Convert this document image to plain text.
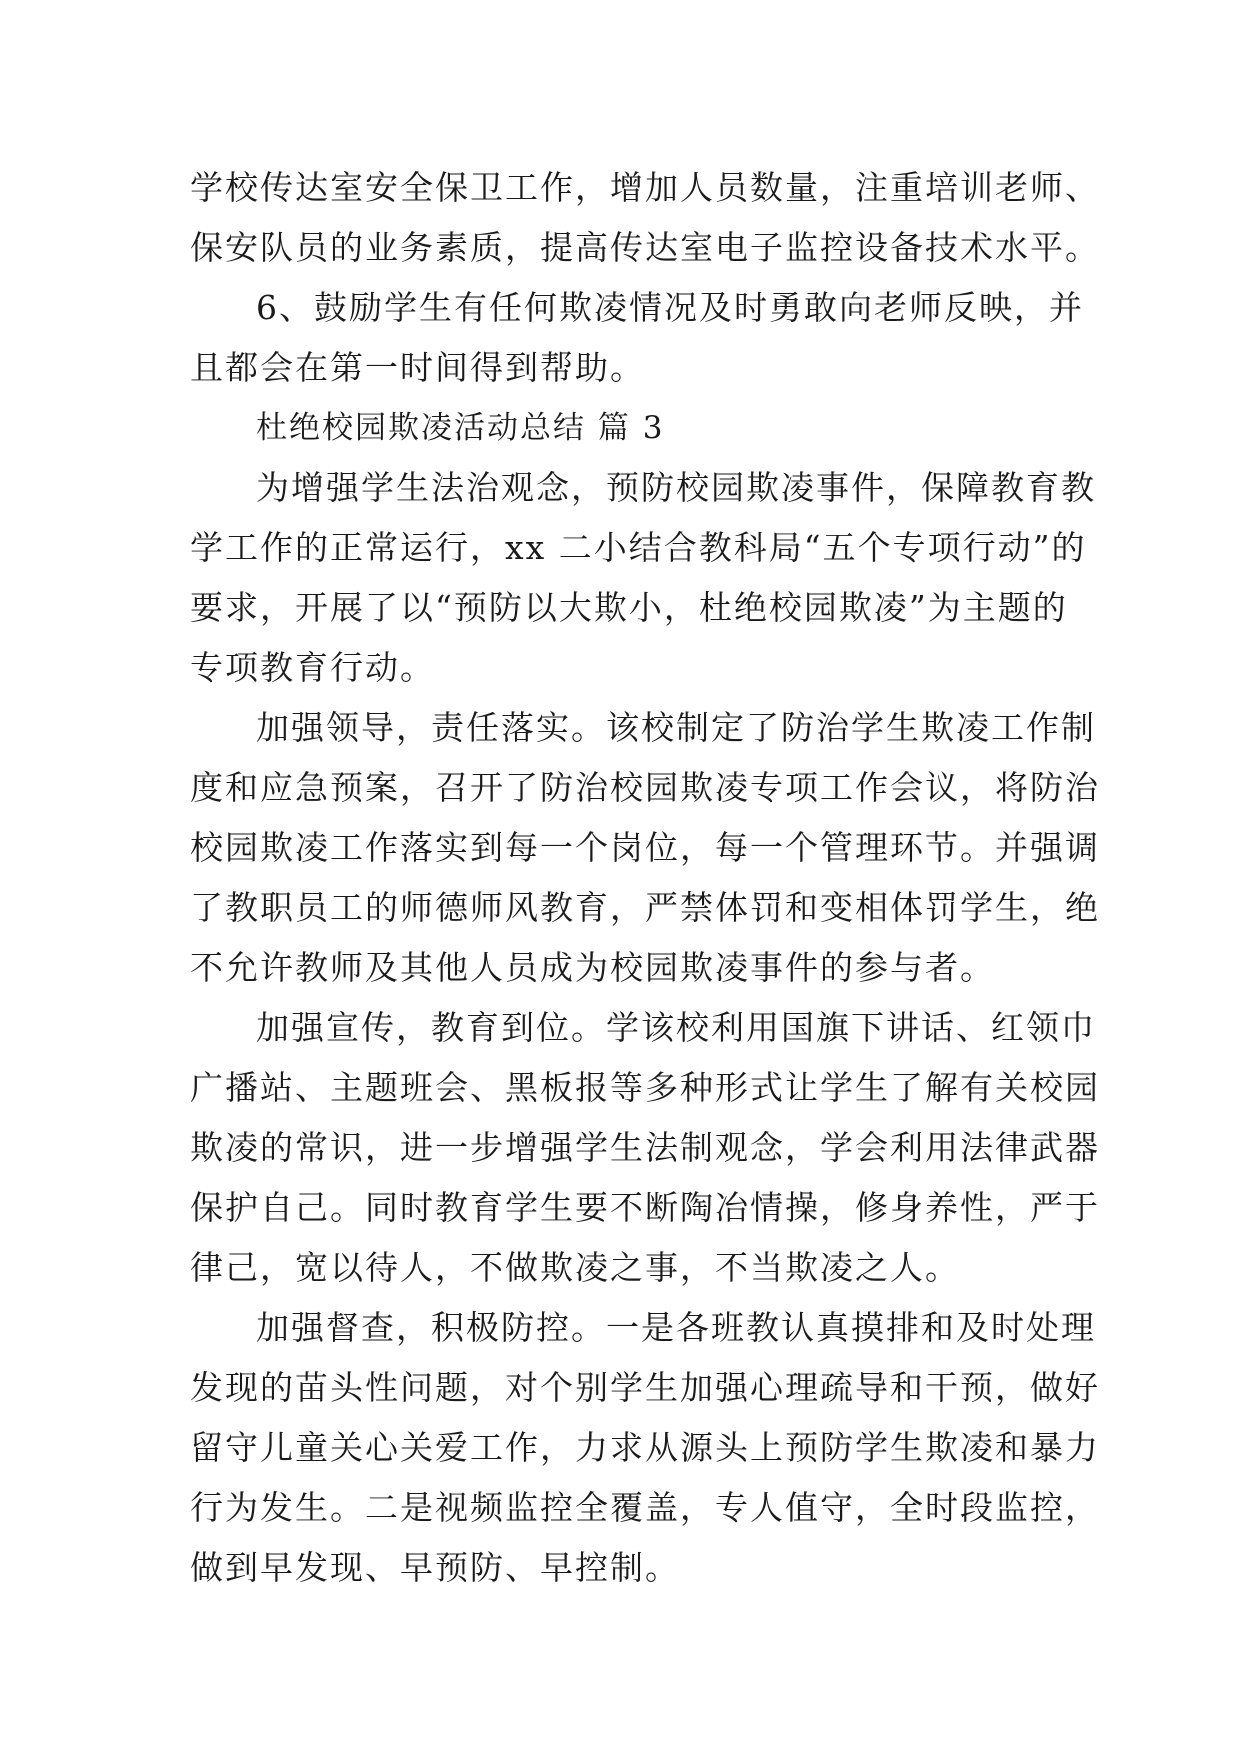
学校传达室安全保卫工作，增加人员数量，注重培训老师、
保安队员的业务素质，提高传达室电子监控设备技术水平。
6、鼓励学生有任何欺凌情况及时勇敢向老师反映，并
且都会在第一时间得到帮助。
杜绝校园欺凌活动总结 篇 3
为增强学生法治观念，预防校园欺凌事件，保障教育教
学工作的正常运行，xx 二小结合教科局“五个专项行动”的
要求，开展了以“预防以大欺小，杜绝校园欺凌”为主题的
专项教育行动。
加强领导，责任落实。该校制定了防治学生欺凌工作制
度和应急预案，召开了防治校园欺凌专项工作会议，将防治
校园欺凌工作落实到每一个岗位，每一个管理环节。并强调
了教职员工的师德师风教育，严禁体罚和变相体罚学生，绝
不允许教师及其他人员成为校园欺凌事件的参与者。
加强宣传，教育到位。学该校利用国旗下讲话、红领巾
广播站、主题班会、黑板报等多种形式让学生了解有关校园
欺凌的常识，进一步增强学生法制观念，学会利用法律武器
保护自己。同时教育学生要不断陶冶情操，修身养性，严于
律己，宽以待人，不做欺凌之事，不当欺凌之人。
加强督查，积极防控。一是各班教认真摸排和及时处理
发现的苗头性问题，对个别学生加强心理疏导和干预，做好
留守儿童关心关爱工作，力求从源头上预防学生欺凌和暴力
行为发生。二是视频监控全覆盖，专人值守，全时段监控，
做到早发现、早预防、早控制。
